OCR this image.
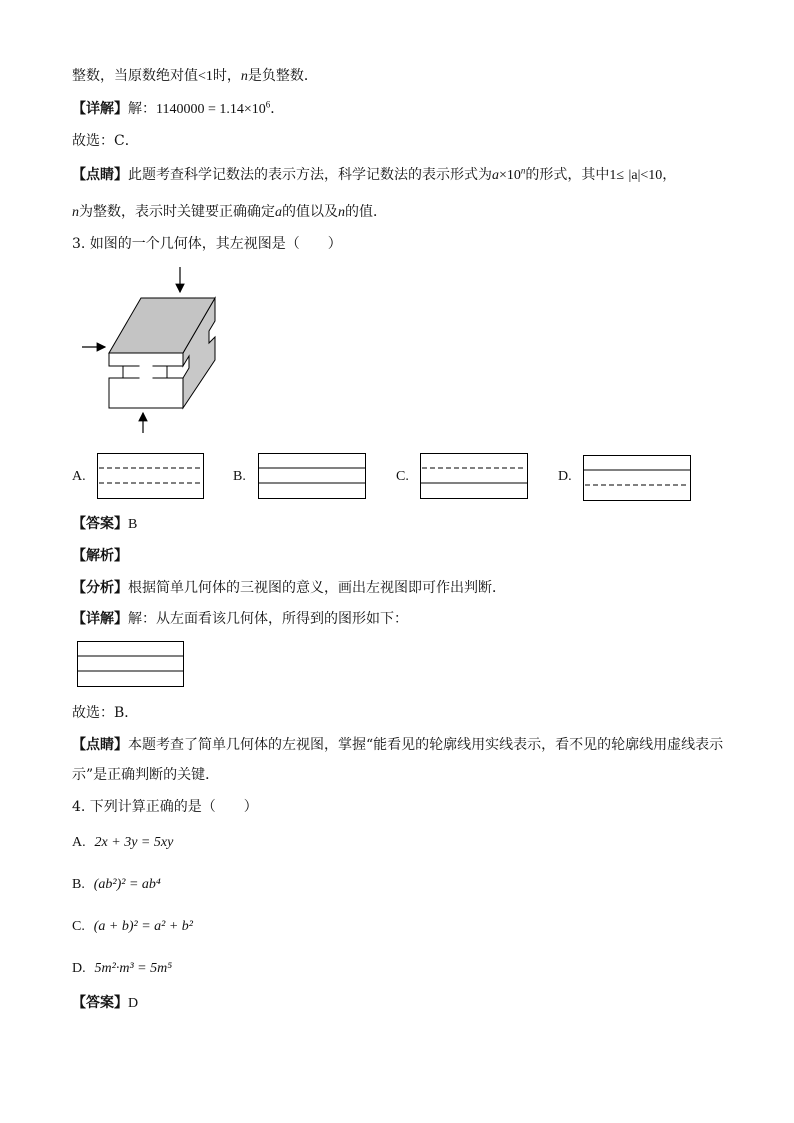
整数，当原数绝对值<1时，n是负整数．
【详解】解：$1140000 = 1.14\times 10^6$．
故选：C．
【点睛】此题考查科学记数法的表示方法，科学记数法的表示形式为$a\times 10^n$的形式，其中1≤ |a|<10，
n为整数，表示时关键要正确确定a的值以及n的值．
3. 如图的一个几何体，其左视图是（　　）
A.	B.	C.	D.
【答案】B
【解析】
【分析】根据简单几何体的三视图的意义，画出左视图即可作出判断．
【详解】解：从左面看该几何体，所得到的图形如下：
故选：B．
【点睛】本题考查了简单几何体的左视图，掌握“能看见的轮廓线用实线表示，看不见的轮廓线用虚线表示
示”是正确判断的关键．
4. 下列计算正确的是（　　）
A. 2x + 3y = 5xy
B. (ab²)² = ab⁴
C. (a + b)² = a² + b²
D. 5m²·m³ = 5m⁵
【答案】D
